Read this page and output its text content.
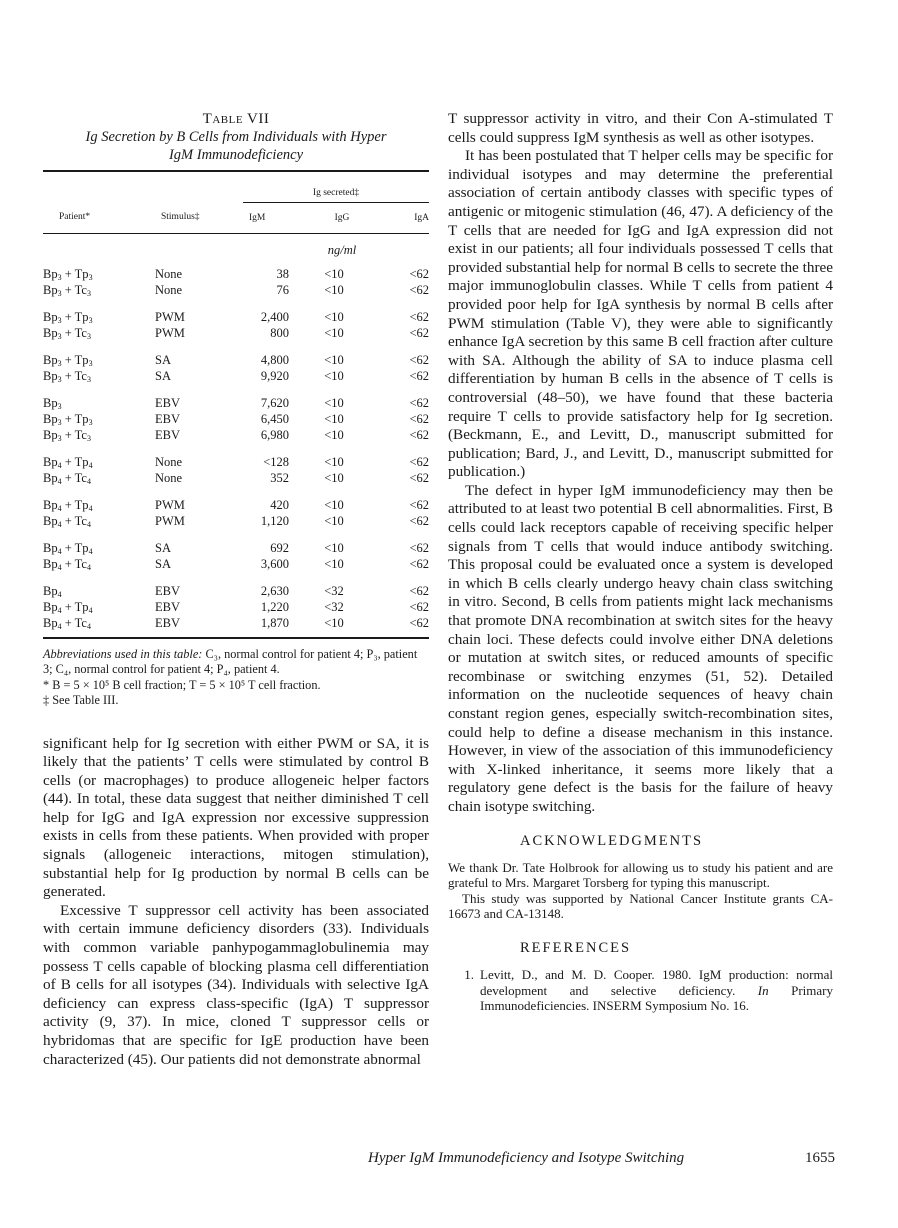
Table VII
Ig Secretion by B Cells from Individuals with Hyper IgM Immunodeficiency
		Ig secreted‡		
Patient*	Stimulus‡	IgM	IgG	IgA
			ng/ml	
$Bp_3 + Tp_3$	None	38	<10	<62
$Bp_3 + Tc_3$	None	76	<10	<62

$Bp_3 + Tp_3$	PWM	2,400	<10	<62
$Bp_3 + Tc_3$	PWM	800	<10	<62

$Bp_3 + Tp_3$	SA	4,800	<10	<62
$Bp_3 + Tc_3$	SA	9,920	<10	<62

$Bp_3$	EBV	7,620	<10	<62
$Bp_3 + Tp_3$	EBV	6,450	<10	<62
$Bp_3 + Tc_3$	EBV	6,980	<10	<62

$Bp_4 + Tp_4$	None	<128	<10	<62
$Bp_4 + Tc_4$	None	352	<10	<62

$Bp_4 + Tp_4$	PWM	420	<10	<62
$Bp_4 + Tc_4$	PWM	1,120	<10	<62

$Bp_4 + Tp_4$	SA	692	<10	<62
$Bp_4 + Tc_4$	SA	3,600	<10	<62

$Bp_4$	EBV	2,630	<32	<62
$Bp_4 + Tp_4$	EBV	1,220	<32	<62
$Bp_4 + Tc_4$	EBV	1,870	<10	<62
Abbreviations used in this table: C₃, normal control for patient 4; P₃, patient 3; C₄, normal control for patient 4; P₄, patient 4.
* B = 5 × 10⁵ B cell fraction; T = 5 × 10⁵ T cell fraction.
‡ See Table III.

significant help for Ig secretion with either PWM or SA, it is likely that the patients’ T cells were stimulated by control B cells (or macrophages) to produce allogeneic helper factors (44). In total, these data suggest that neither diminished T cell help for IgG and IgA expression nor excessive suppression exists in cells from these patients. When provided with proper signals (allogeneic interactions, mitogen stimulation), substantial help for Ig production by normal B cells can be generated.

Excessive T suppressor cell activity has been associated with certain immune deficiency disorders (33). Individuals with common variable panhypogammaglobulinemia may possess T cells capable of blocking plasma cell differentiation of B cells for all isotypes (34). Individuals with selective IgA deficiency can express class-specific (IgA) T suppressor activity (9, 37). In mice, cloned T suppressor cells or hybridomas that are specific for IgE production have been characterized (45). Our patients did not demonstrate abnormal

T suppressor activity in vitro, and their Con A-stimulated T cells could suppress IgM synthesis as well as other isotypes.

It has been postulated that T helper cells may be specific for individual isotypes and may determine the preferential association of certain antibody classes with specific types of antigenic or mitogenic stimulation (46, 47). A deficiency of the T cells that are needed for IgG and IgA expression did not exist in our patients; all four individuals possessed T cells that provided substantial help for normal B cells to secrete the three major immunoglobulin classes. While T cells from patient 4 provided poor help for IgA synthesis by normal B cells after PWM stimulation (Table V), they were able to significantly enhance IgA secretion by this same B cell fraction after culture with SA. Although the ability of SA to induce plasma cell differentiation by human B cells in the absence of T cells is controversial (48–50), we have found that these bacteria require T cells to provide satisfactory help for Ig secretion. (Beckmann, E., and Levitt, D., manuscript submitted for publication; Bard, J., and Levitt, D., manuscript submitted for publication.)

The defect in hyper IgM immunodeficiency may then be attributed to at least two potential B cell abnormalities. First, B cells could lack receptors capable of receiving specific helper signals from T cells that would induce antibody switching. This proposal could be evaluated once a system is developed in which B cells clearly undergo heavy chain class switching in vitro. Second, B cells from patients might lack mechanisms that promote DNA recombination at switch sites for the heavy chain loci. These defects could involve either DNA deletions or mutation at switch sites, or reduced amounts of specific recombinase or switching enzymes (51, 52). Detailed information on the nucleotide sequences of heavy chain constant region genes, especially switch-recombination sites, could help to define a disease mechanism in this instance. However, in view of the association of this immunodeficiency with X-linked inheritance, it seems more likely that a regulatory gene defect is the basis for the failure of heavy chain isotype switching.

ACKNOWLEDGMENTS

We thank Dr. Tate Holbrook for allowing us to study his patient and are grateful to Mrs. Margaret Torsberg for typing this manuscript.

This study was supported by National Cancer Institute grants CA-16673 and CA-13148.

REFERENCES
1. Levitt, D., and M. D. Cooper. 1980. IgM production: normal development and selective deficiency. In Primary Immunodeficiencies. INSERM Symposium No. 16.
Hyper IgM Immunodeficiency and Isotype Switching	1655
